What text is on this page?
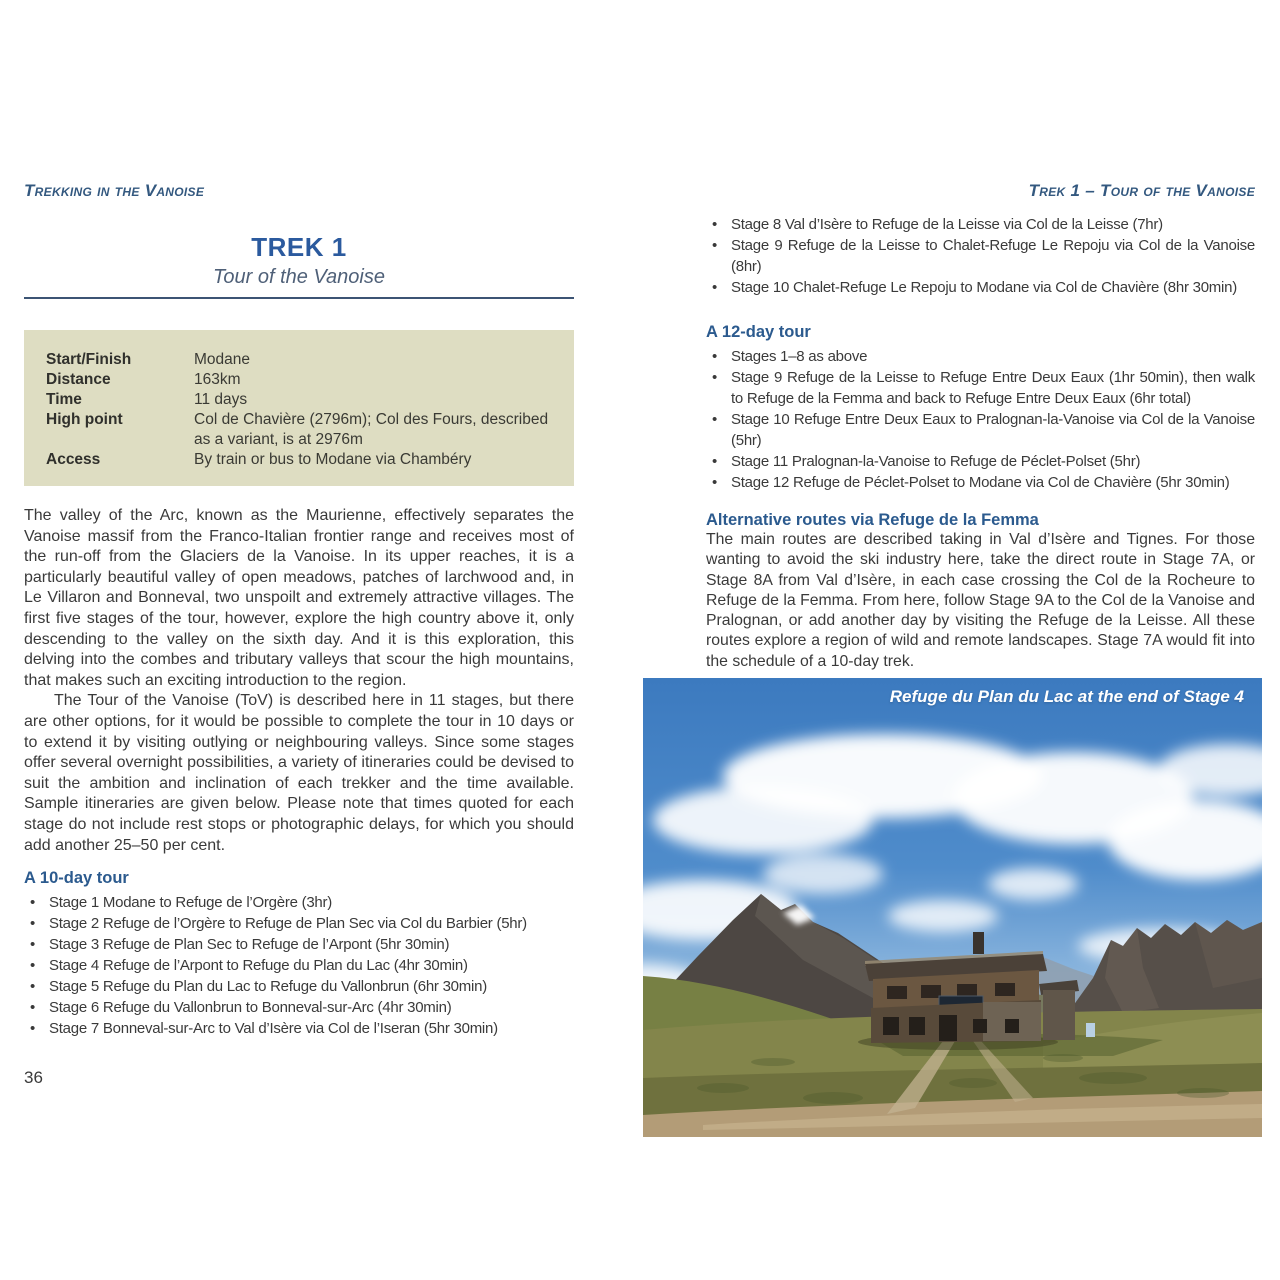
Trekking in the Vanoise	Trek 1 – Tour of the Vanoise
TREK 1
Tour of the Vanoise
Start/Finish	Modane
Distance	163km
Time	11 days
High point	Col de Chavière (2796m); Col des Fours, described as a variant, is at 2976m
Access	By train or bus to Modane via Chambéry

The valley of the Arc, known as the Maurienne, effectively separates the Vanoise massif from the Franco-Italian frontier range and receives most of the run-off from the Glaciers de la Vanoise. In its upper reaches, it is a particularly beautiful valley of open meadows, patches of larchwood and, in Le Villaron and Bonneval, two unspoilt and extremely attractive villages. The first five stages of the tour, however, explore the high country above it, only descending to the valley on the sixth day. And it is this exploration, this delving into the combes and tributary valleys that scour the high mountains, that makes such an exciting introduction to the region.

The Tour of the Vanoise (ToV) is described here in 11 stages, but there are other options, for it would be possible to complete the tour in 10 days or to extend it by visiting outlying or neighbouring valleys. Since some stages offer several overnight possibilities, a variety of itineraries could be devised to suit the ambition and inclination of each trekker and the time available. Sample itineraries are given below. Please note that times quoted for each stage do not include rest stops or photographic delays, for which you should add another 25–50 per cent.

A 10-day tour
• Stage 1 Modane to Refuge de l’Orgère (3hr)
• Stage 2 Refuge de l’Orgère to Refuge de Plan Sec via Col du Barbier (5hr)
• Stage 3 Refuge de Plan Sec to Refuge de l’Arpont (5hr 30min)
• Stage 4 Refuge de l’Arpont to Refuge du Plan du Lac (4hr 30min)
• Stage 5 Refuge du Plan du Lac to Refuge du Vallonbrun (6hr 30min)
• Stage 6 Refuge du Vallonbrun to Bonneval-sur-Arc (4hr 30min)
• Stage 7 Bonneval-sur-Arc to Val d’Isère via Col de l’Iseran (5hr 30min)
36
• Stage 8 Val d’Isère to Refuge de la Leisse via Col de la Leisse (7hr)
• Stage 9 Refuge de la Leisse to Chalet-Refuge Le Repoju via Col de la Vanoise (8hr)
• Stage 10 Chalet-Refuge Le Repoju to Modane via Col de Chavière (8hr 30min)
A 12-day tour
• Stages 1–8 as above
• Stage 9 Refuge de la Leisse to Refuge Entre Deux Eaux (1hr 50min), then walk to Refuge de la Femma and back to Refuge Entre Deux Eaux (6hr total)
• Stage 10 Refuge Entre Deux Eaux to Pralognan-la-Vanoise via Col de la Vanoise (5hr)
• Stage 11 Pralognan-la-Vanoise to Refuge de Péclet-Polset (5hr)
• Stage 12 Refuge de Péclet-Polset to Modane via Col de Chavière (5hr 30min)
Alternative routes via Refuge de la Femma

The main routes are described taking in Val d’Isère and Tignes. For those wanting to avoid the ski industry here, take the direct route in Stage 7A, or Stage 8A from Val d’Isère, in each case crossing the Col de la Rocheure to Refuge de la Femma. From here, follow Stage 9A to the Col de la Vanoise and Pralognan, or add another day by visiting the Refuge de la Leisse. All these routes explore a region of wild and remote landscapes. Stage 7A would fit into the schedule of a 10-day trek.

Refuge du Plan du Lac at the end of Stage 4
